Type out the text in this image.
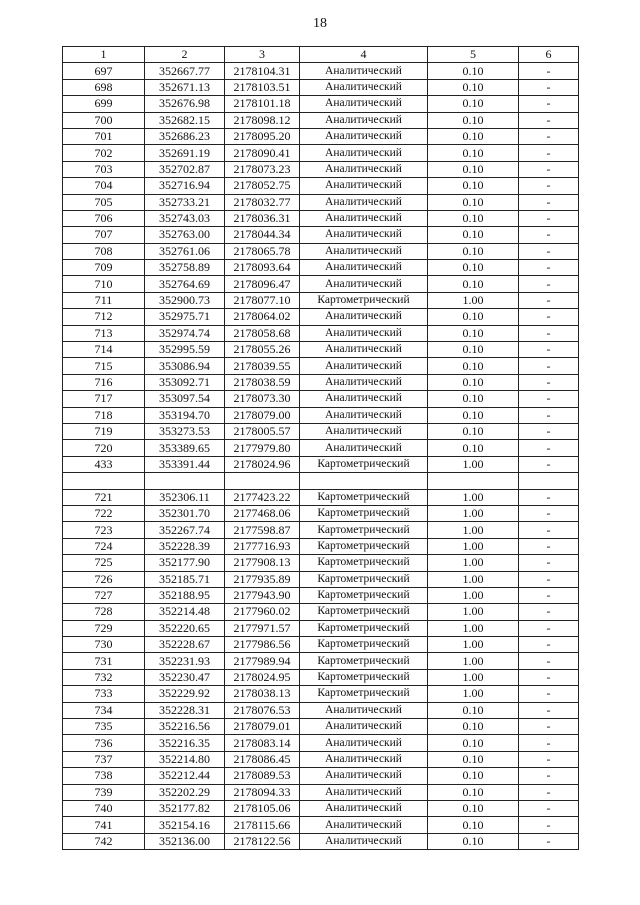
18
1	2	3	4	5	6
697	352667.77	2178104.31	Аналитический	0.10	-
698	352671.13	2178103.51	Аналитический	0.10	-
699	352676.98	2178101.18	Аналитический	0.10	-
700	352682.15	2178098.12	Аналитический	0.10	-
701	352686.23	2178095.20	Аналитический	0.10	-
702	352691.19	2178090.41	Аналитический	0.10	-
703	352702.87	2178073.23	Аналитический	0.10	-
704	352716.94	2178052.75	Аналитический	0.10	-
705	352733.21	2178032.77	Аналитический	0.10	-
706	352743.03	2178036.31	Аналитический	0.10	-
707	352763.00	2178044.34	Аналитический	0.10	-
708	352761.06	2178065.78	Аналитический	0.10	-
709	352758.89	2178093.64	Аналитический	0.10	-
710	352764.69	2178096.47	Аналитический	0.10	-
711	352900.73	2178077.10	Картометрический	1.00	-
712	352975.71	2178064.02	Аналитический	0.10	-
713	352974.74	2178058.68	Аналитический	0.10	-
714	352995.59	2178055.26	Аналитический	0.10	-
715	353086.94	2178039.55	Аналитический	0.10	-
716	353092.71	2178038.59	Аналитический	0.10	-
717	353097.54	2178073.30	Аналитический	0.10	-
718	353194.70	2178079.00	Аналитический	0.10	-
719	353273.53	2178005.57	Аналитический	0.10	-
720	353389.65	2177979.80	Аналитический	0.10	-
433	353391.44	2178024.96	Картометрический	1.00	-

721	352306.11	2177423.22	Картометрический	1.00	-
722	352301.70	2177468.06	Картометрический	1.00	-
723	352267.74	2177598.87	Картометрический	1.00	-
724	352228.39	2177716.93	Картометрический	1.00	-
725	352177.90	2177908.13	Картометрический	1.00	-
726	352185.71	2177935.89	Картометрический	1.00	-
727	352188.95	2177943.90	Картометрический	1.00	-
728	352214.48	2177960.02	Картометрический	1.00	-
729	352220.65	2177971.57	Картометрический	1.00	-
730	352228.67	2177986.56	Картометрический	1.00	-
731	352231.93	2177989.94	Картометрический	1.00	-
732	352230.47	2178024.95	Картометрический	1.00	-
733	352229.92	2178038.13	Картометрический	1.00	-
734	352228.31	2178076.53	Аналитический	0.10	-
735	352216.56	2178079.01	Аналитический	0.10	-
736	352216.35	2178083.14	Аналитический	0.10	-
737	352214.80	2178086.45	Аналитический	0.10	-
738	352212.44	2178089.53	Аналитический	0.10	-
739	352202.29	2178094.33	Аналитический	0.10	-
740	352177.82	2178105.06	Аналитический	0.10	-
741	352154.16	2178115.66	Аналитический	0.10	-
742	352136.00	2178122.56	Аналитический	0.10	-
